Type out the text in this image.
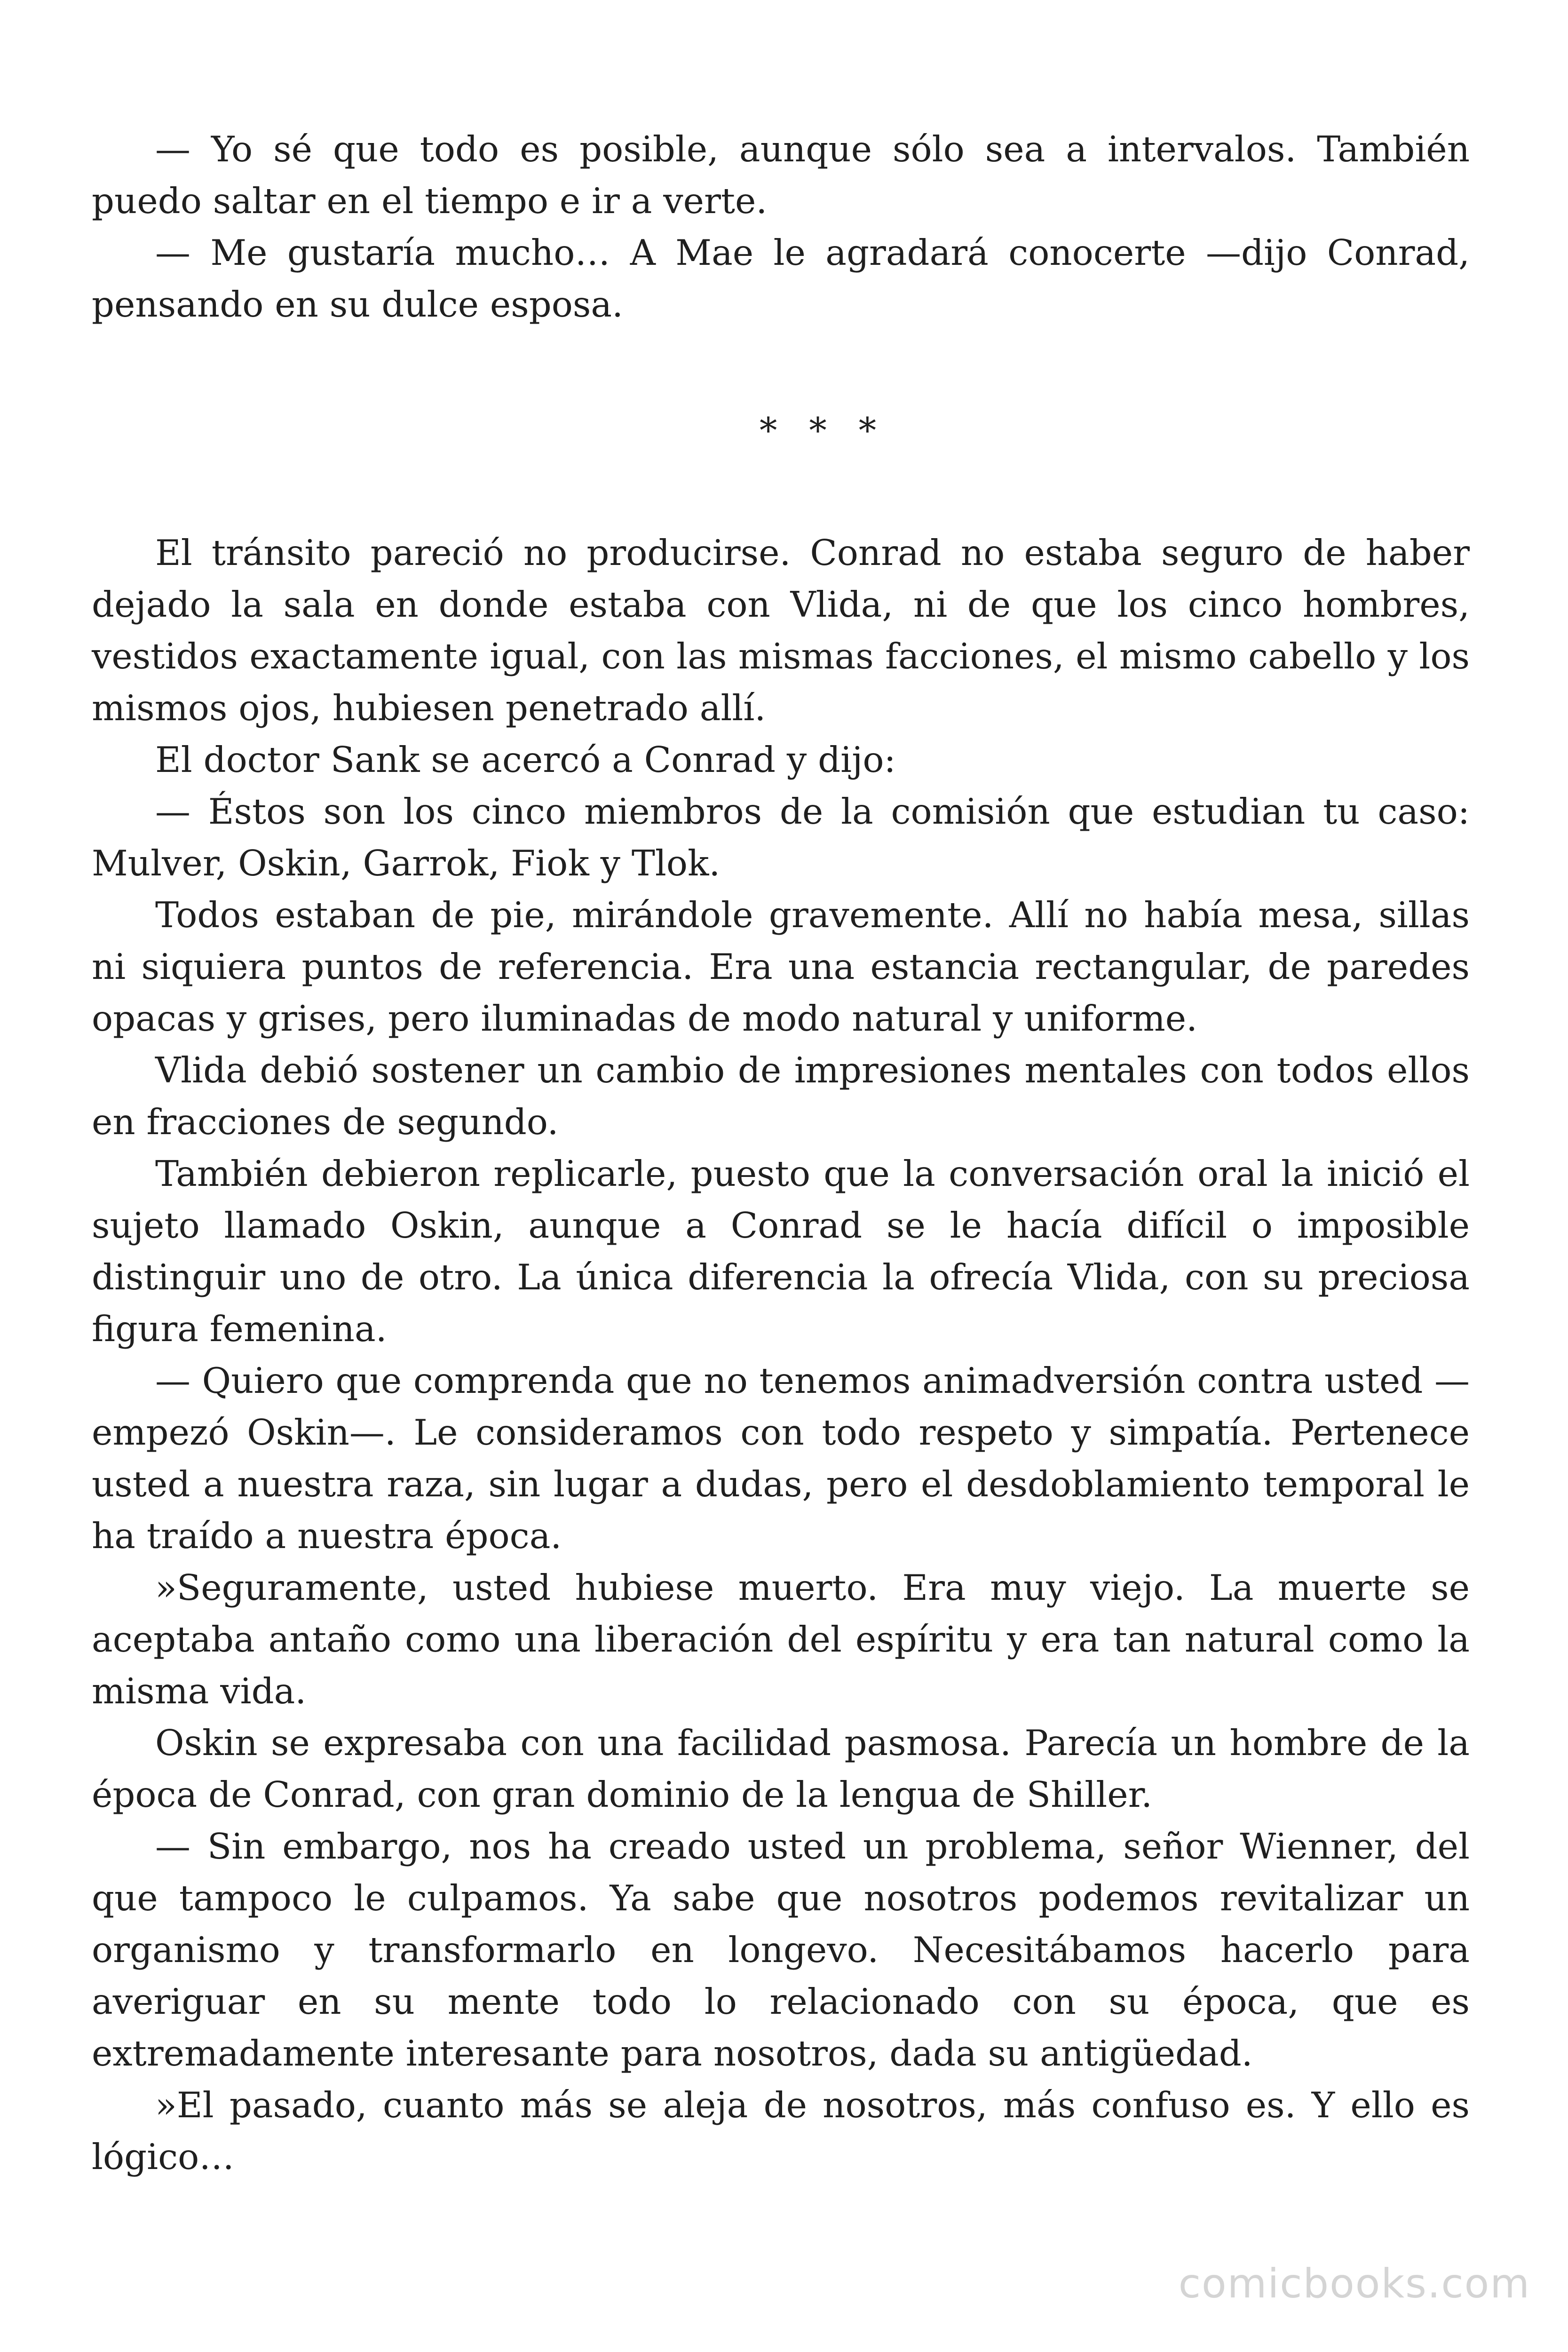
— Yo sé que todo es posible, aunque sólo sea a intervalos. También puedo saltar en el tiempo e ir a verte.

— Me gustaría mucho… A Mae le agradará conocerte —dijo Conrad, pensando en su dulce esposa.

* * *

El tránsito pareció no producirse. Conrad no estaba seguro de haber dejado la sala en donde estaba con Vlida, ni de que los cinco hombres, vestidos exactamente igual, con las mismas facciones, el mismo cabello y los mismos ojos, hubiesen penetrado allí.

El doctor Sank se acercó a Conrad y dijo:

— Éstos son los cinco miembros de la comisión que estudian tu caso: Mulver, Oskin, Garrok, Fiok y Tlok.

Todos estaban de pie, mirándole gravemente. Allí no había mesa, sillas ni siquiera puntos de referencia. Era una estancia rectangular, de paredes opacas y grises, pero iluminadas de modo natural y uniforme.

Vlida debió sostener un cambio de impresiones mentales con todos ellos en fracciones de segundo.

También debieron replicarle, puesto que la conversación oral la inició el sujeto llamado Oskin, aunque a Conrad se le hacía difícil o imposible distinguir uno de otro. La única diferencia la ofrecía Vlida, con su preciosa figura femenina.

— Quiero que comprenda que no tenemos animadversión contra usted —empezó Oskin—. Le consideramos con todo respeto y simpatía. Pertenece usted a nuestra raza, sin lugar a dudas, pero el desdoblamiento temporal le ha traído a nuestra época.

»Seguramente, usted hubiese muerto. Era muy viejo. La muerte se aceptaba antaño como una liberación del espíritu y era tan natural como la misma vida.

Oskin se expresaba con una facilidad pasmosa. Parecía un hombre de la época de Conrad, con gran dominio de la lengua de Shiller.

— Sin embargo, nos ha creado usted un problema, señor Wienner, del que tampoco le culpamos. Ya sabe que nosotros podemos revitalizar un organismo y transformarlo en longevo. Necesitábamos hacerlo para averiguar en su mente todo lo relacionado con su época, que es extremadamente interesante para nosotros, dada su antigüedad.

»El pasado, cuanto más se aleja de nosotros, más confuso es. Y ello es lógico…

comicbooks.com
